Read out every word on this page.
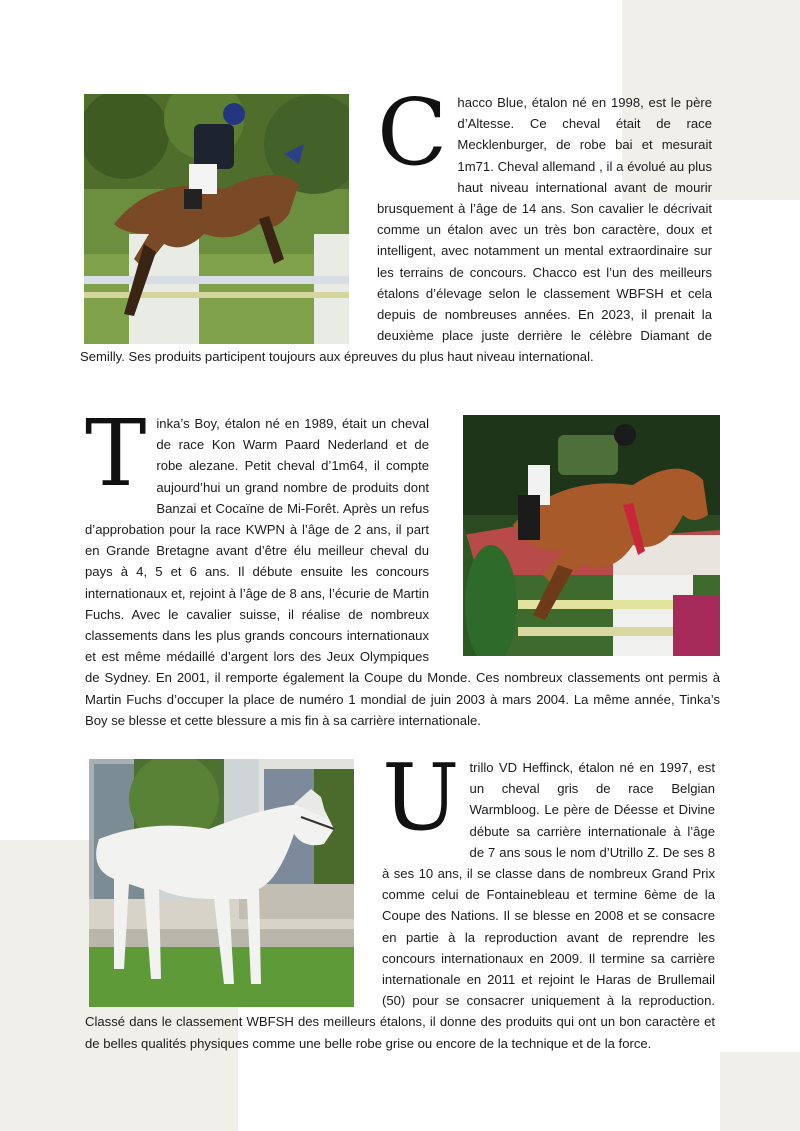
C hacco Blue, étalon né en 1998, est le père d’Altesse. Ce cheval était de race Mecklenburger, de robe bai et mesurait 1m71. Cheval allemand , il a évolué au plus haut niveau international avant de mourir brusquement à l’âge de 14 ans. Son cavalier le décrivait comme un étalon avec un très bon caractère, doux et intelligent, avec notamment un mental extraordinaire sur les terrains de concours. Chacco est l’un des meilleurs étalons d’élevage selon le classement WBFSH et cela depuis de nombreuses années. En 2023, il prenait la deuxième place juste derrière le célèbre Diamant de Semilly. Ses produits participent toujours aux épreuves du plus haut niveau international.

T inka’s Boy, étalon né en 1989, était un cheval de race Kon Warm Paard Nederland et de robe alezane. Petit cheval d’1m64, il compte aujourd’hui un grand nombre de produits dont Banzai et Cocaïne de Mi-Forêt. Après un refus d’approbation pour la race KWPN à l’âge de 2 ans, il part en Grande Bretagne avant d’être élu meilleur cheval du pays à 4, 5 et 6 ans. Il débute ensuite les concours internationaux et, rejoint à l’âge de 8 ans, l’écurie de Martin Fuchs. Avec le cavalier suisse, il réalise de nombreux classements dans les plus grands concours internationaux et est même médaillé d’argent lors des Jeux Olympiques de Sydney. En 2001, il remporte également la Coupe du Monde. Ces nombreux classements ont permis à Martin Fuchs d’occuper la place de numéro 1 mondial de juin 2003 à mars 2004. La même année, Tinka’s Boy se blesse et cette blessure a mis fin à sa carrière internationale.

U trillo VD Heffinck, étalon né en 1997, est un cheval gris de race Belgian Warmbloog. Le père de Déesse et Divine débute sa carrière internationale à l’âge de 7 ans sous le nom d’Utrillo Z. De ses 8 à ses 10 ans, il se classe dans de nombreux Grand Prix comme celui de Fontainebleau et termine 6ème de la Coupe des Nations. Il se blesse en 2008 et se consacre en partie à la reproduction avant de reprendre les concours internationaux en 2009. Il termine sa carrière internationale en 2011 et rejoint le Haras de Brullemail (50) pour se consacrer uniquement à la reproduction. Classé dans le classement WBFSH des meilleurs étalons, il donne des produits qui ont un bon caractère et de belles qualités physiques comme une belle robe grise ou encore de la technique et de la force.
